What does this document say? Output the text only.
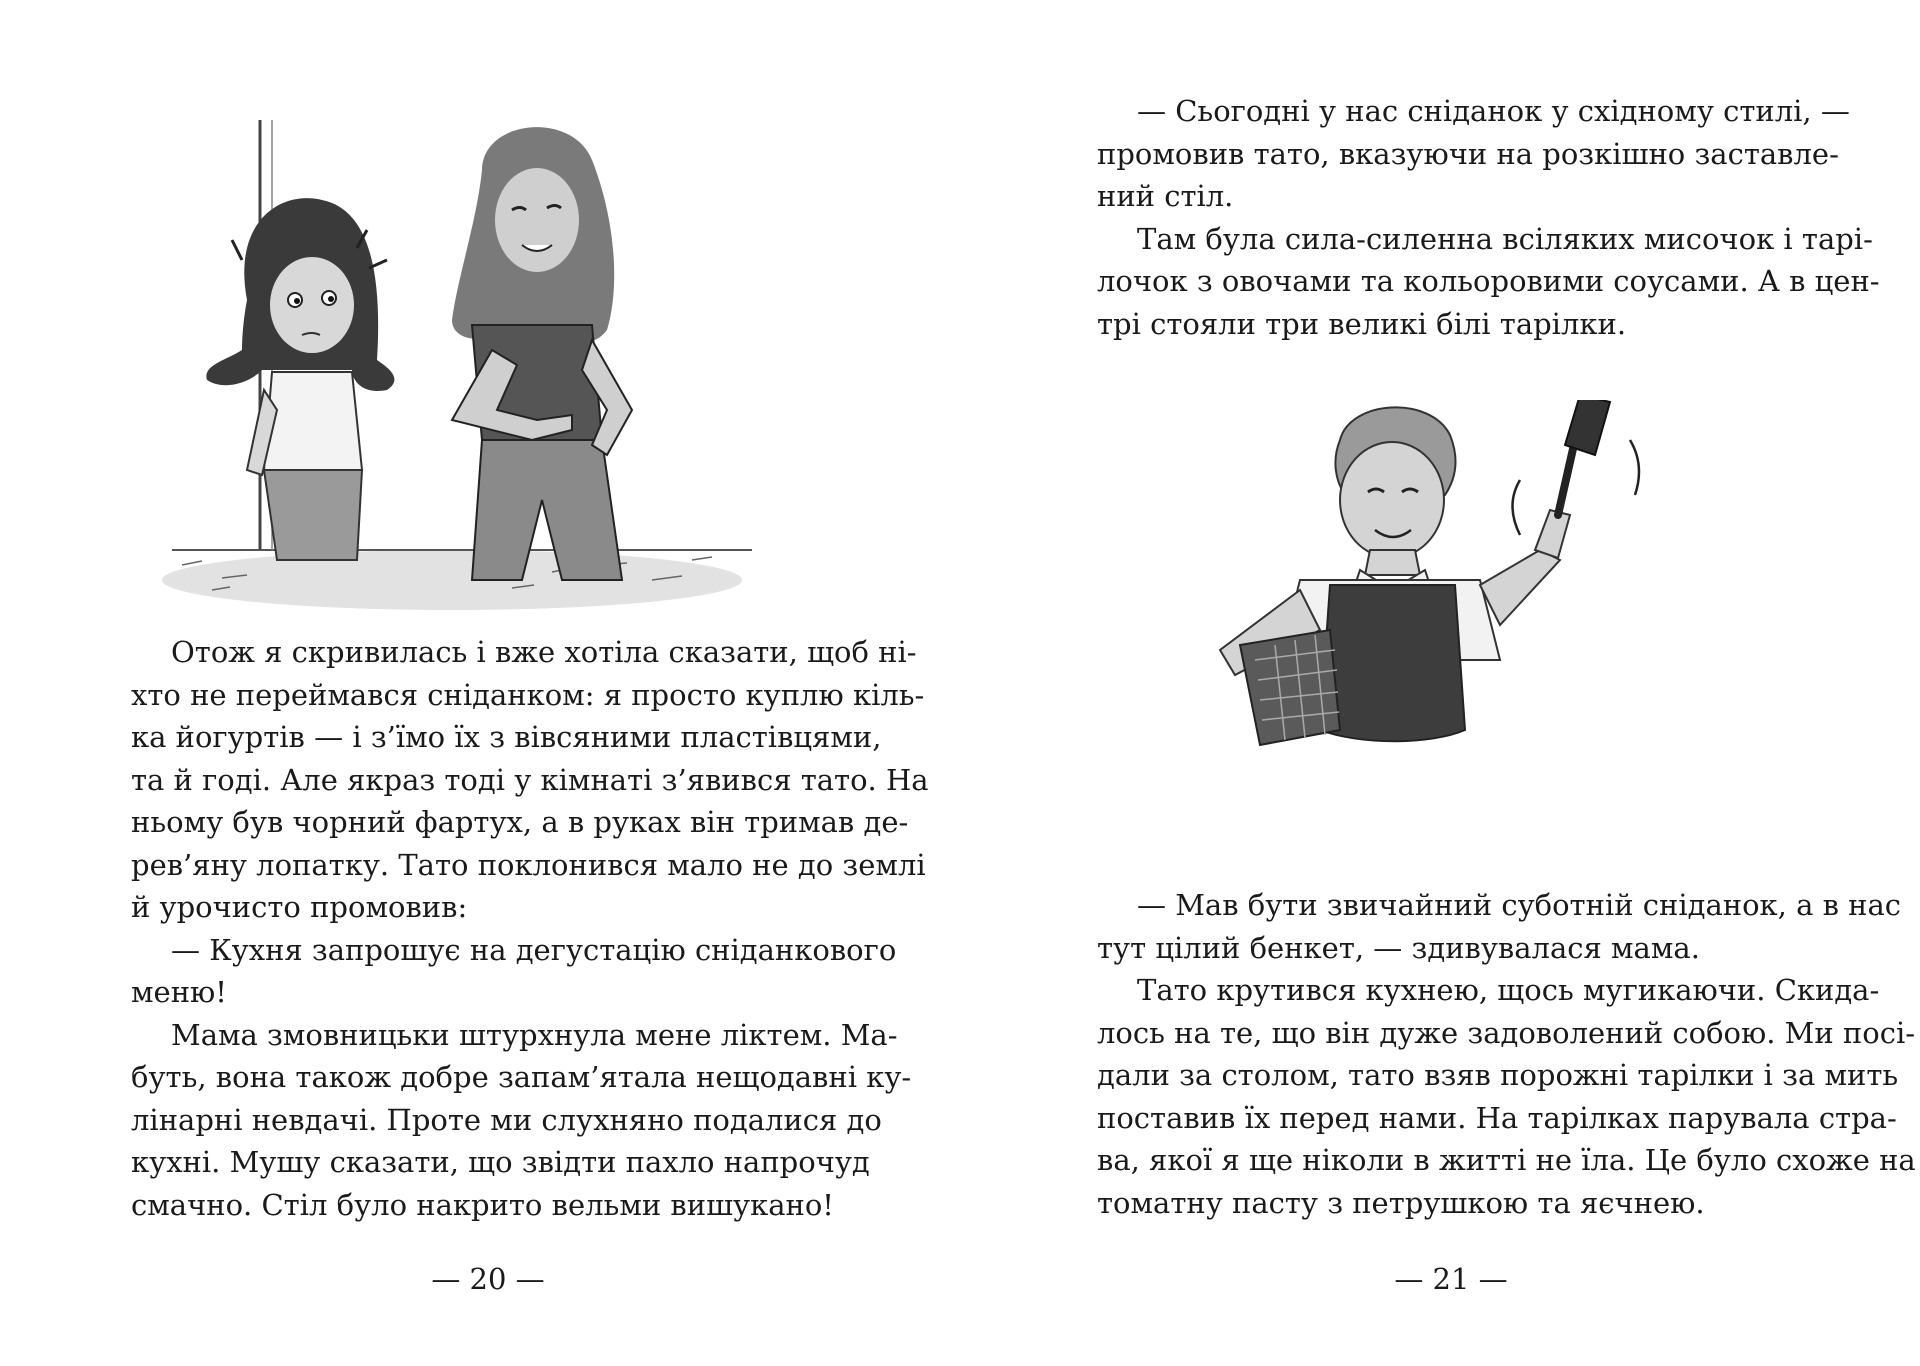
Отож я скривилась і вже хотіла сказати, щоб ні-
хто не переймався сніданком: я просто куплю кіль-
ка йогуртів — і з’їмо їх з вівсяними пластівцями,
та й годі. Але якраз тоді у кімнаті з’явився тато. На
ньому був чорний фартух, а в руках він тримав де-
рев’яну лопатку. Тато поклонився мало не до землі
й урочисто промовив:
— Кухня запрошує на дегустацію сніданкового
меню!
Мама змовницьки штурхнула мене ліктем. Ма-
буть, вона також добре запам’ятала нещодавні ку-
лінарні невдачі. Проте ми слухняно подалися до
кухні. Мушу сказати, що звідти пахло напрочуд
смачно. Стіл було накрито вельми вишукано!
— 20 —
— Сьогодні у нас сніданок у східному стилі, —
промовив тато, вказуючи на розкішно заставле-
ний стіл.
Там була сила-силенна всіляких мисочок і тарі-
лочок з овочами та кольоровими соусами. А в цен-
трі стояли три великі білі тарілки.
— Мав бути звичайний суботній сніданок, а в нас
тут цілий бенкет, — здивувалася мама.
Тато крутився кухнею, щось мугикаючи. Скида-
лось на те, що він дуже задоволений собою. Ми посі-
дали за столом, тато взяв порожні тарілки і за мить
поставив їх перед нами. На тарілках парувала стра-
ва, якої я ще ніколи в житті не їла. Це було схоже на
томатну пасту з петрушкою та яєчнею.
— 21 —
